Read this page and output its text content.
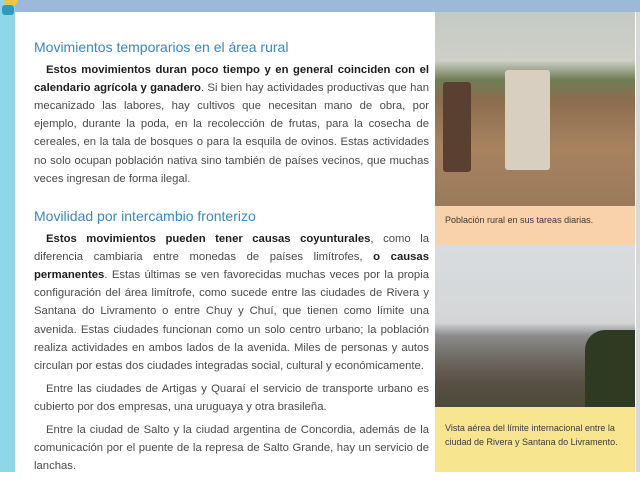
Movimientos temporarios en el área rural

Estos movimientos duran poco tiempo y en general coinciden con el calendario agrícola y ganadero. Si bien hay actividades productivas que han mecanizado las labores, hay cultivos que necesitan mano de obra, por ejemplo, durante la poda, en la recolección de frutas, para la cosecha de cereales, en la tala de bosques o para la esquila de ovinos. Estas actividades no solo ocupan población nativa sino también de países vecinos, que muchas veces ingresan de forma ilegal.

Movilidad por intercambio fronterizo

Estos movimientos pueden tener causas coyunturales, como la diferencia cambiaria entre monedas de países limítrofes, o causas permanentes. Estas últimas se ven favorecidas muchas veces por la propia configuración del área limítrofe, como sucede entre las ciudades de Rivera y Santana do Livramento o entre Chuy y Chuí, que tienen como límite una avenida. Estas ciudades funcionan como un solo centro urbano; la población realiza actividades en ambos lados de la avenida. Miles de personas y autos circulan por estas dos ciudades integradas social, cultural y económicamente.

Entre las ciudades de Artigas y Quaraí el servicio de transporte urbano es cubierto por dos empresas, una uruguaya y otra brasileña.

Entre la ciudad de Salto y la ciudad argentina de Concordia, además de la comunicación por el puente de la represa de Salto Grande, hay un servicio de lanchas.

Población rural en sus tareas diarias.
Vista aérea del límite internacional entre la ciudad de Rivera y Santana do Livramento.
